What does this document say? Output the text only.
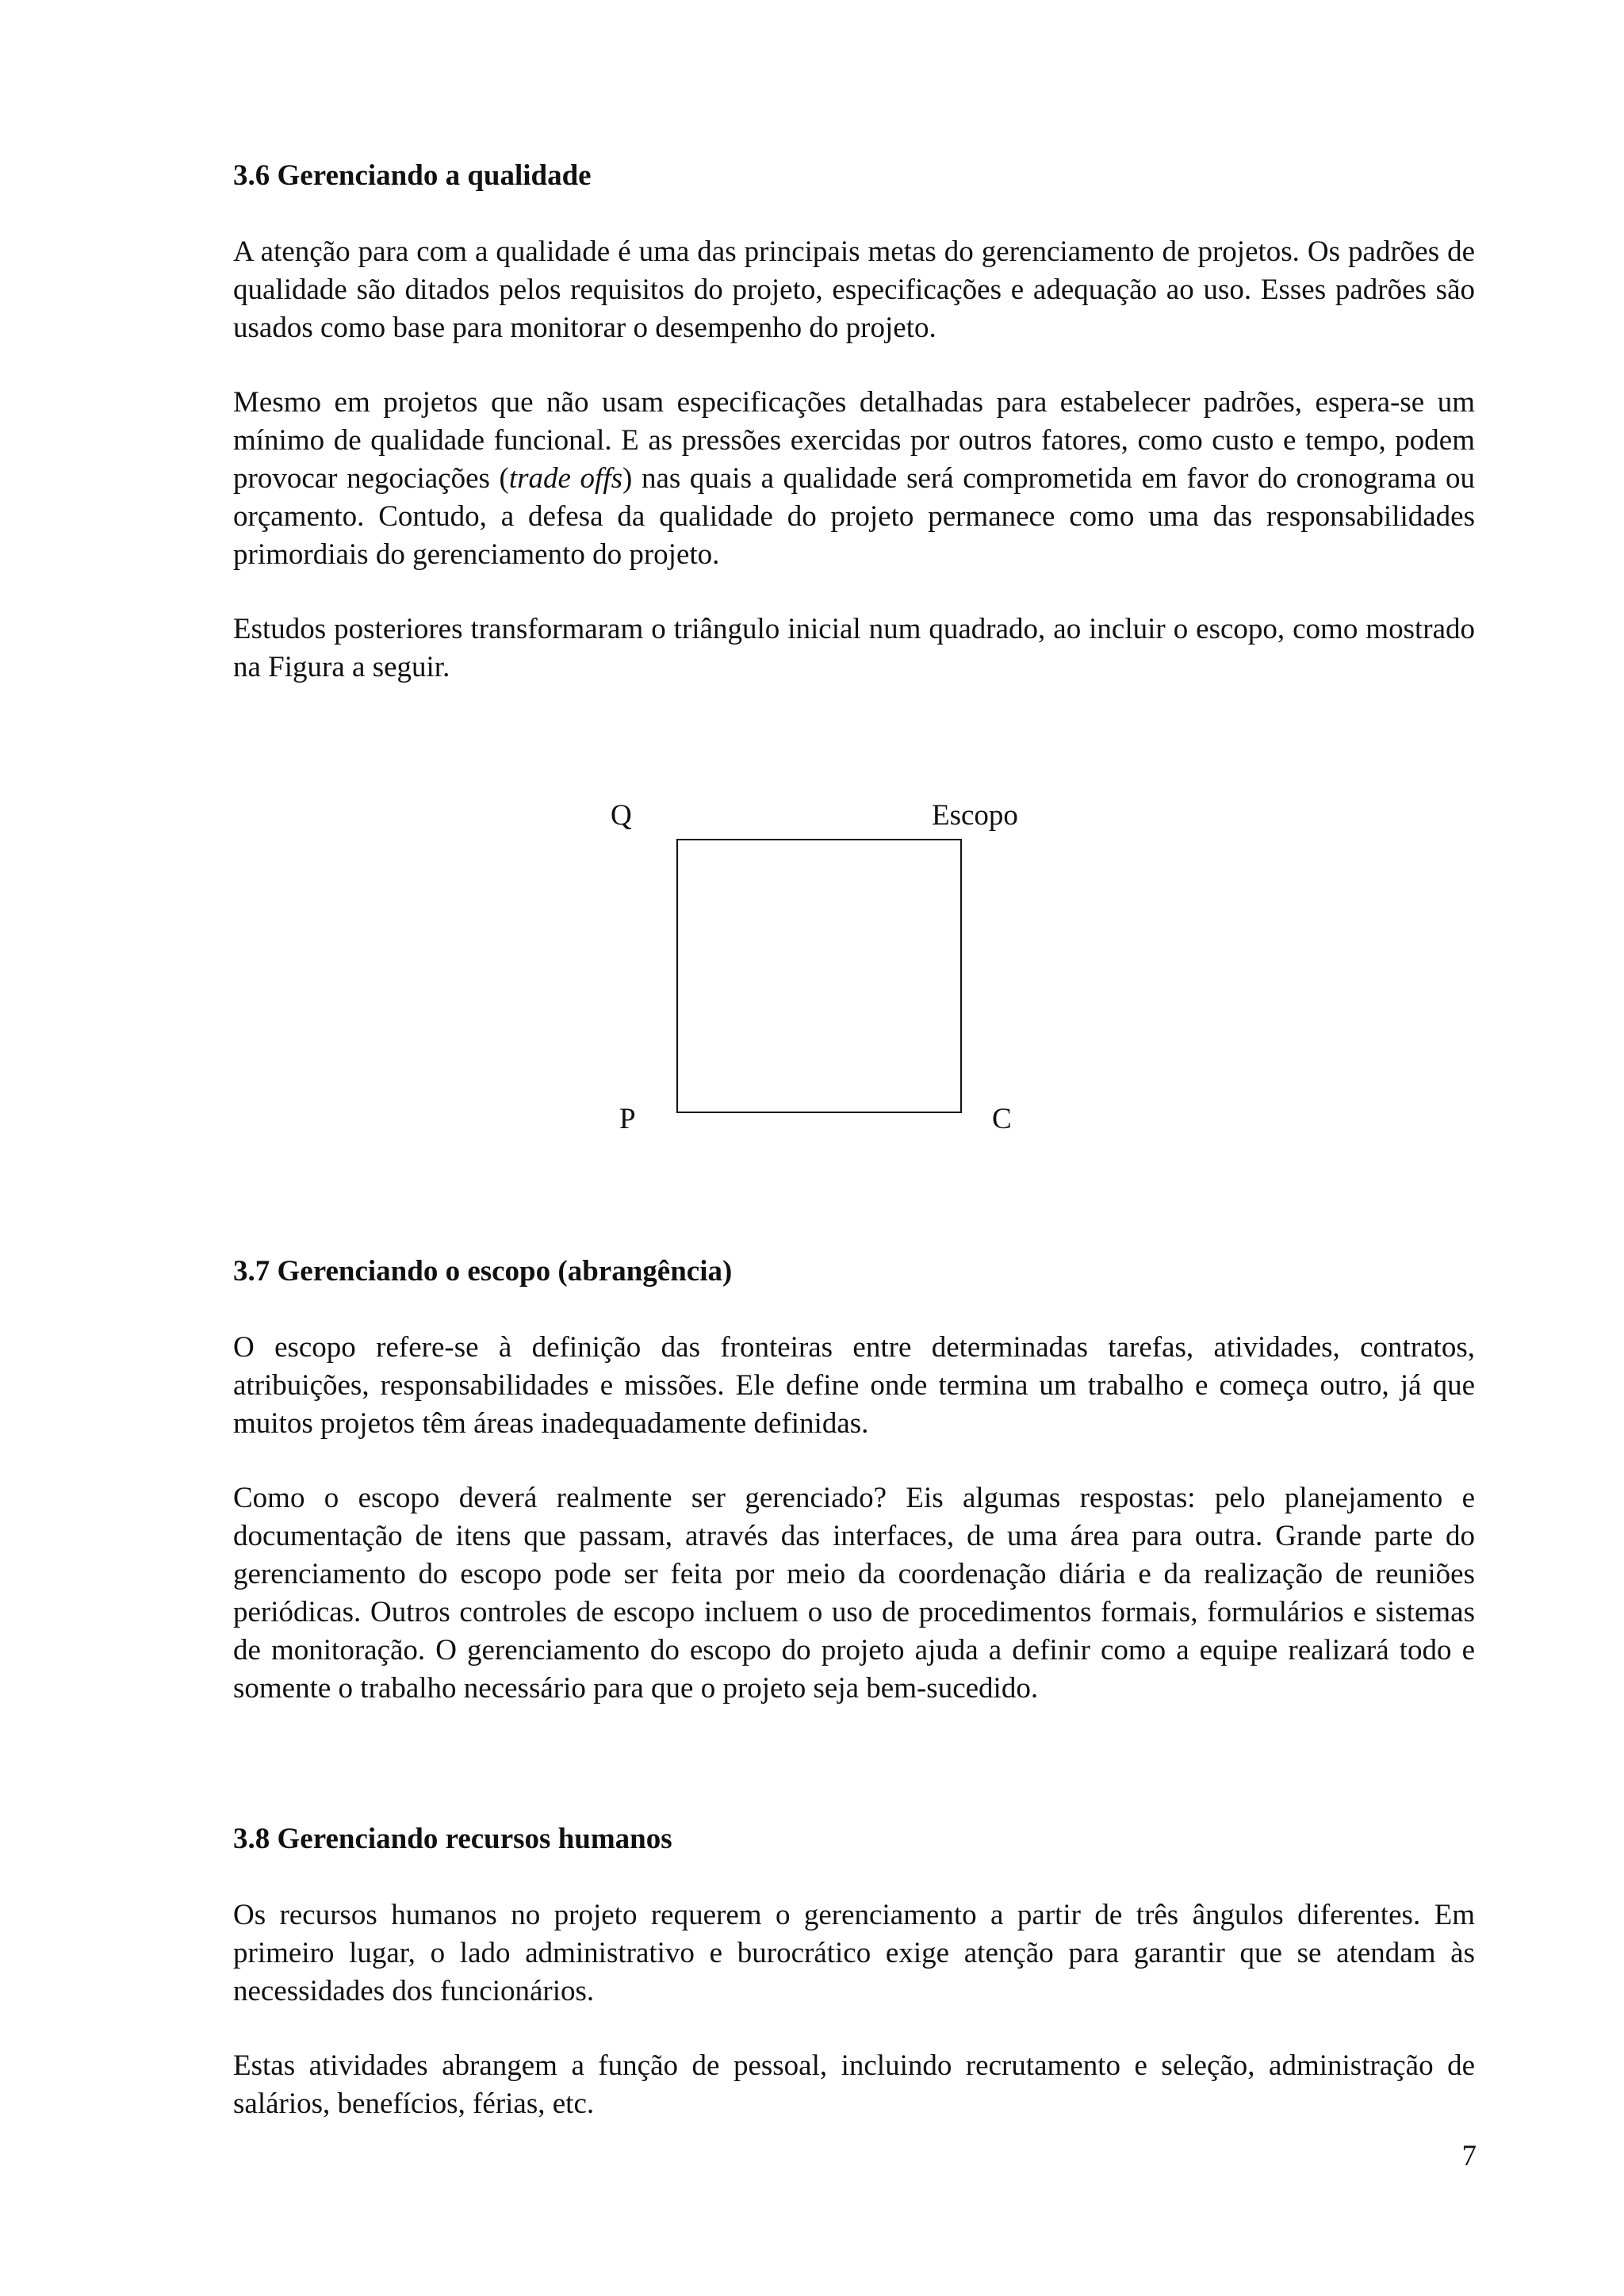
3.6 Gerenciando a qualidade

A atenção para com a qualidade é uma das principais metas do gerenciamento de projetos. Os padrões de qualidade são ditados pelos requisitos do projeto, especificações e adequação ao uso. Esses padrões são usados como base para monitorar o desempenho do projeto.

Mesmo em projetos que não usam especificações detalhadas para estabelecer padrões, espera-se um mínimo de qualidade funcional. E as pressões exercidas por outros fatores, como custo e tempo, podem provocar negociações (trade offs) nas quais a qualidade será comprometida em favor do cronograma ou orçamento. Contudo, a defesa da qualidade do projeto permanece como uma das responsabilidades primordiais do gerenciamento do projeto.

Estudos posteriores transformaram o triângulo inicial num quadrado, ao incluir o escopo, como mostrado na Figura a seguir.

Q	Escopo
P	C
3.7 Gerenciando o escopo (abrangência)

O escopo refere-se à definição das fronteiras entre determinadas tarefas, atividades, contratos, atribuições, responsabilidades e missões. Ele define onde termina um trabalho e começa outro, já que muitos projetos têm áreas inadequadamente definidas.

Como o escopo deverá realmente ser gerenciado? Eis algumas respostas: pelo planejamento e documentação de itens que passam, através das interfaces, de uma área para outra. Grande parte do gerenciamento do escopo pode ser feita por meio da coordenação diária e da realização de reuniões periódicas. Outros controles de escopo incluem o uso de procedimentos formais, formulários e sistemas de monitoração. O gerenciamento do escopo do projeto ajuda a definir como a equipe realizará todo e somente o trabalho necessário para que o projeto seja bem-sucedido.

3.8 Gerenciando recursos humanos

Os recursos humanos no projeto requerem o gerenciamento a partir de três ângulos diferentes. Em primeiro lugar, o lado administrativo e burocrático exige atenção para garantir que se atendam às necessidades dos funcionários.

Estas atividades abrangem a função de pessoal, incluindo recrutamento e seleção, administração de salários, benefícios, férias, etc.

7
